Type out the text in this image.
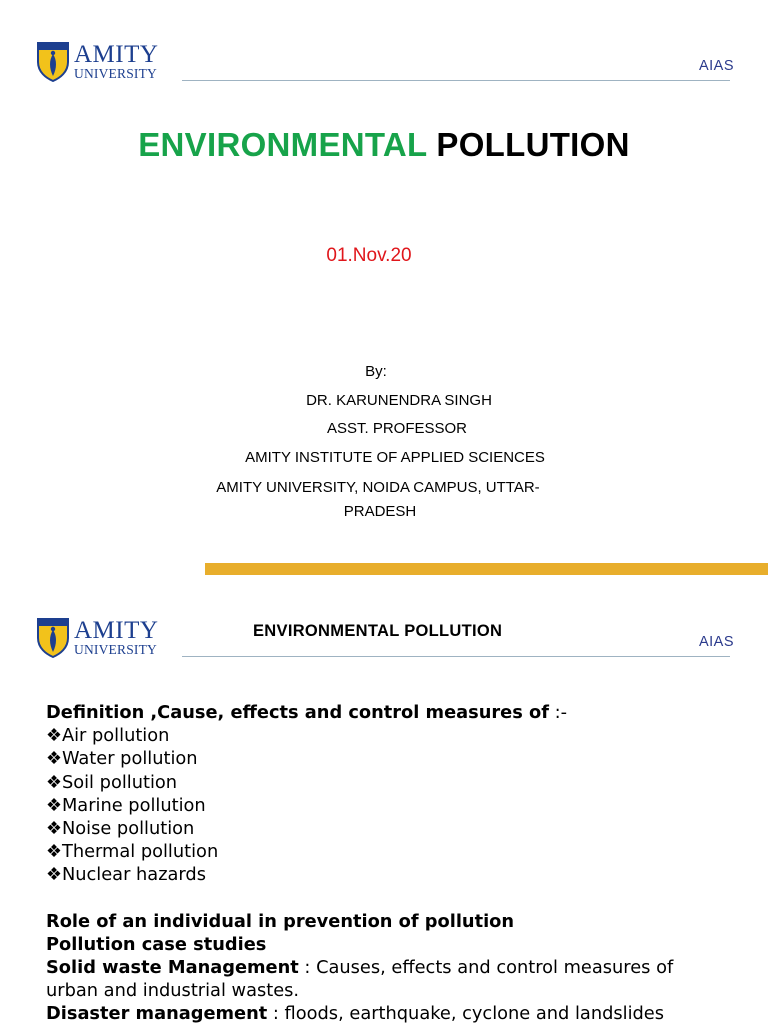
AMITY
UNIVERSITY	AIAS
ENVIRONMENTAL POLLUTION
01.Nov.20
By:
DR. KARUNENDRA SINGH
ASST. PROFESSOR
AMITY INSTITUTE OF APPLIED SCIENCES
AMITY UNIVERSITY, NOIDA CAMPUS, UTTAR-
PRADESH
AMITY
UNIVERSITY
ENVIRONMENTAL POLLUTION
AIAS
Definition ,Cause, effects and control measures of :-
❖Air pollution
❖Water pollution
❖Soil pollution
❖Marine pollution
❖Noise pollution
❖Thermal pollution
❖Nuclear hazards
Role of an individual in prevention of pollution
Pollution case studies
Solid waste Management : Causes, effects and control measures of
urban and industrial wastes.
Disaster management : floods, earthquake, cyclone and landslides
